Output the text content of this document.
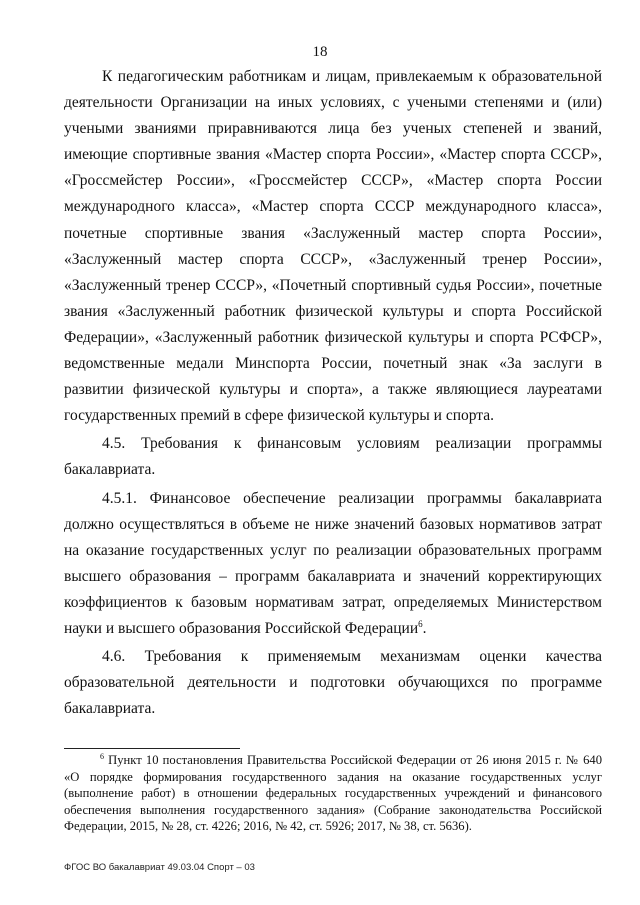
18

К педагогическим работникам и лицам, привлекаемым к образовательной деятельности Организации на иных условиях, с учеными степенями и (или) учеными званиями приравниваются лица без ученых степеней и званий, имеющие спортивные звания «Мастер спорта России», «Мастер спорта СССР», «Гроссмейстер России», «Гроссмейстер СССР», «Мастер спорта России международного класса», «Мастер спорта СССР международного класса», почетные спортивные звания «Заслуженный мастер спорта России», «Заслуженный мастер спорта СССР», «Заслуженный тренер России», «Заслуженный тренер СССР», «Почетный спортивный судья России», почетные звания «Заслуженный работник физической культуры и спорта Российской Федерации», «Заслуженный работник физической культуры и спорта РСФСР», ведомственные медали Минспорта России, почетный знак «За заслуги в развитии физической культуры и спорта», а также являющиеся лауреатами государственных премий в сфере физической культуры и спорта.

4.5. Требования к финансовым условиям реализации программы бакалавриата.

4.5.1. Финансовое обеспечение реализации программы бакалавриата должно осуществляться в объеме не ниже значений базовых нормативов затрат на оказание государственных услуг по реализации образовательных программ высшего образования – программ бакалавриата и значений корректирующих коэффициентов к базовым нормативам затрат, определяемых Министерством науки и высшего образования Российской Федерации$^6$.

4.6. Требования к применяемым механизмам оценки качества образовательной деятельности и подготовки обучающихся по программе бакалавриата.

$^6$ Пункт 10 постановления Правительства Российской Федерации от 26 июня 2015 г. № 640 «О порядке формирования государственного задания на оказание государственных услуг (выполнение работ) в отношении федеральных государственных учреждений и финансового обеспечения выполнения государственного задания» (Собрание законодательства Российской Федерации, 2015, № 28, ст. 4226; 2016, № 42, ст. 5926; 2017, № 38, ст. 5636).

ФГОС ВО бакалавриат 49.03.04 Спорт – 03
